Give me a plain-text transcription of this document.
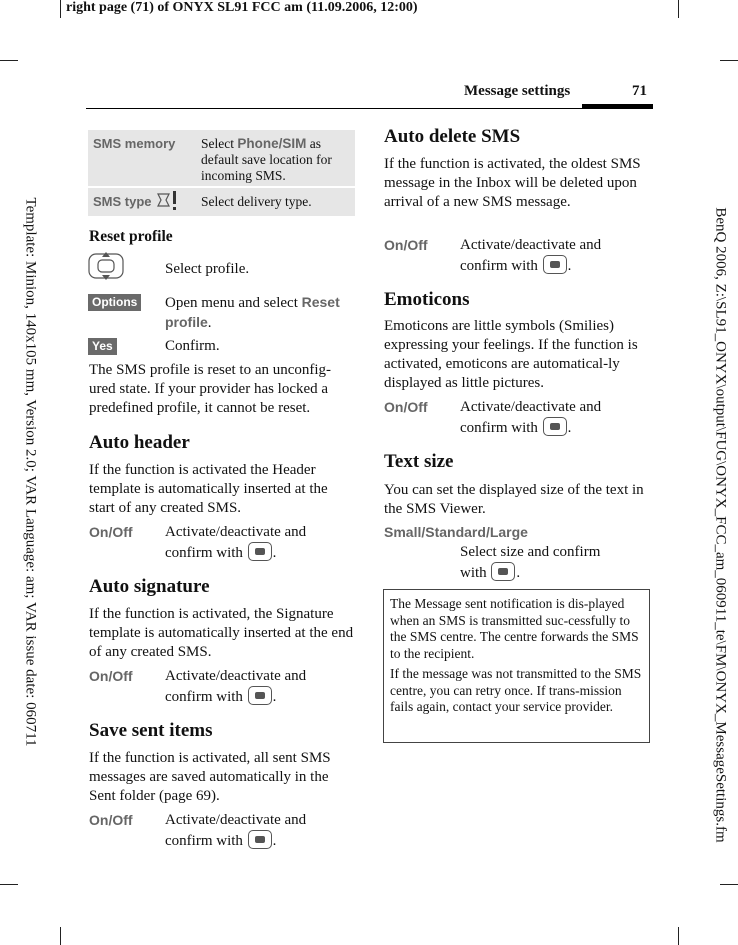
right page (71) of ONYX SL91 FCC am (11.09.2006, 12:00)
Template: Minion, 140x105 mm, Version 2.0; VAR Language: am; VAR issue date: 060711	BenQ 2006, Z:\SL91_ONYX\output\FUG\ONYX_FCC_am_060911_te\FM\ONYX_MessageSettings.fm
Message settings	71
SMS memory Select Phone/SIM as default save location for incoming SMS.
SMS type	Select delivery type.
Reset profile
Select profile.
Options Open menu and select Reset profile.
Yes	Confirm.
The SMS profile is reset to an unconfig-ured state. If your provider has locked a predefined profile, it cannot be reset.
Auto header
If the function is activated the Header template is automatically inserted at the start of any created SMS.
On/Off Activate/deactivate and
confirm with .
Auto signature
If the function is activated, the Signature template is automatically inserted at the end of any created SMS.
On/Off Activate/deactivate and
confirm with .
Save sent items
If the function is activated, all sent SMS messages are saved automatically in the Sent folder (page 69).
On/Off Activate/deactivate and
confirm with .
Auto delete SMS
If the function is activated, the oldest SMS message in the Inbox will be deleted upon arrival of a new SMS message.
On/Off Activate/deactivate and
confirm with .
Emoticons
Emoticons are little symbols (Smilies) expressing your feelings. If the function is activated, emoticons are automatical-ly displayed as little pictures.
On/Off Activate/deactivate and
confirm with .
Text size
You can set the displayed size of the text in the SMS Viewer.
Small/Standard/Large
Select size and confirm
with .
The Message sent notification is dis-played when an SMS is transmitted suc-cessfully to the SMS centre. The centre forwards the SMS to the recipient.
If the message was not transmitted to the SMS centre, you can retry once. If trans-mission fails again, contact your service provider.
